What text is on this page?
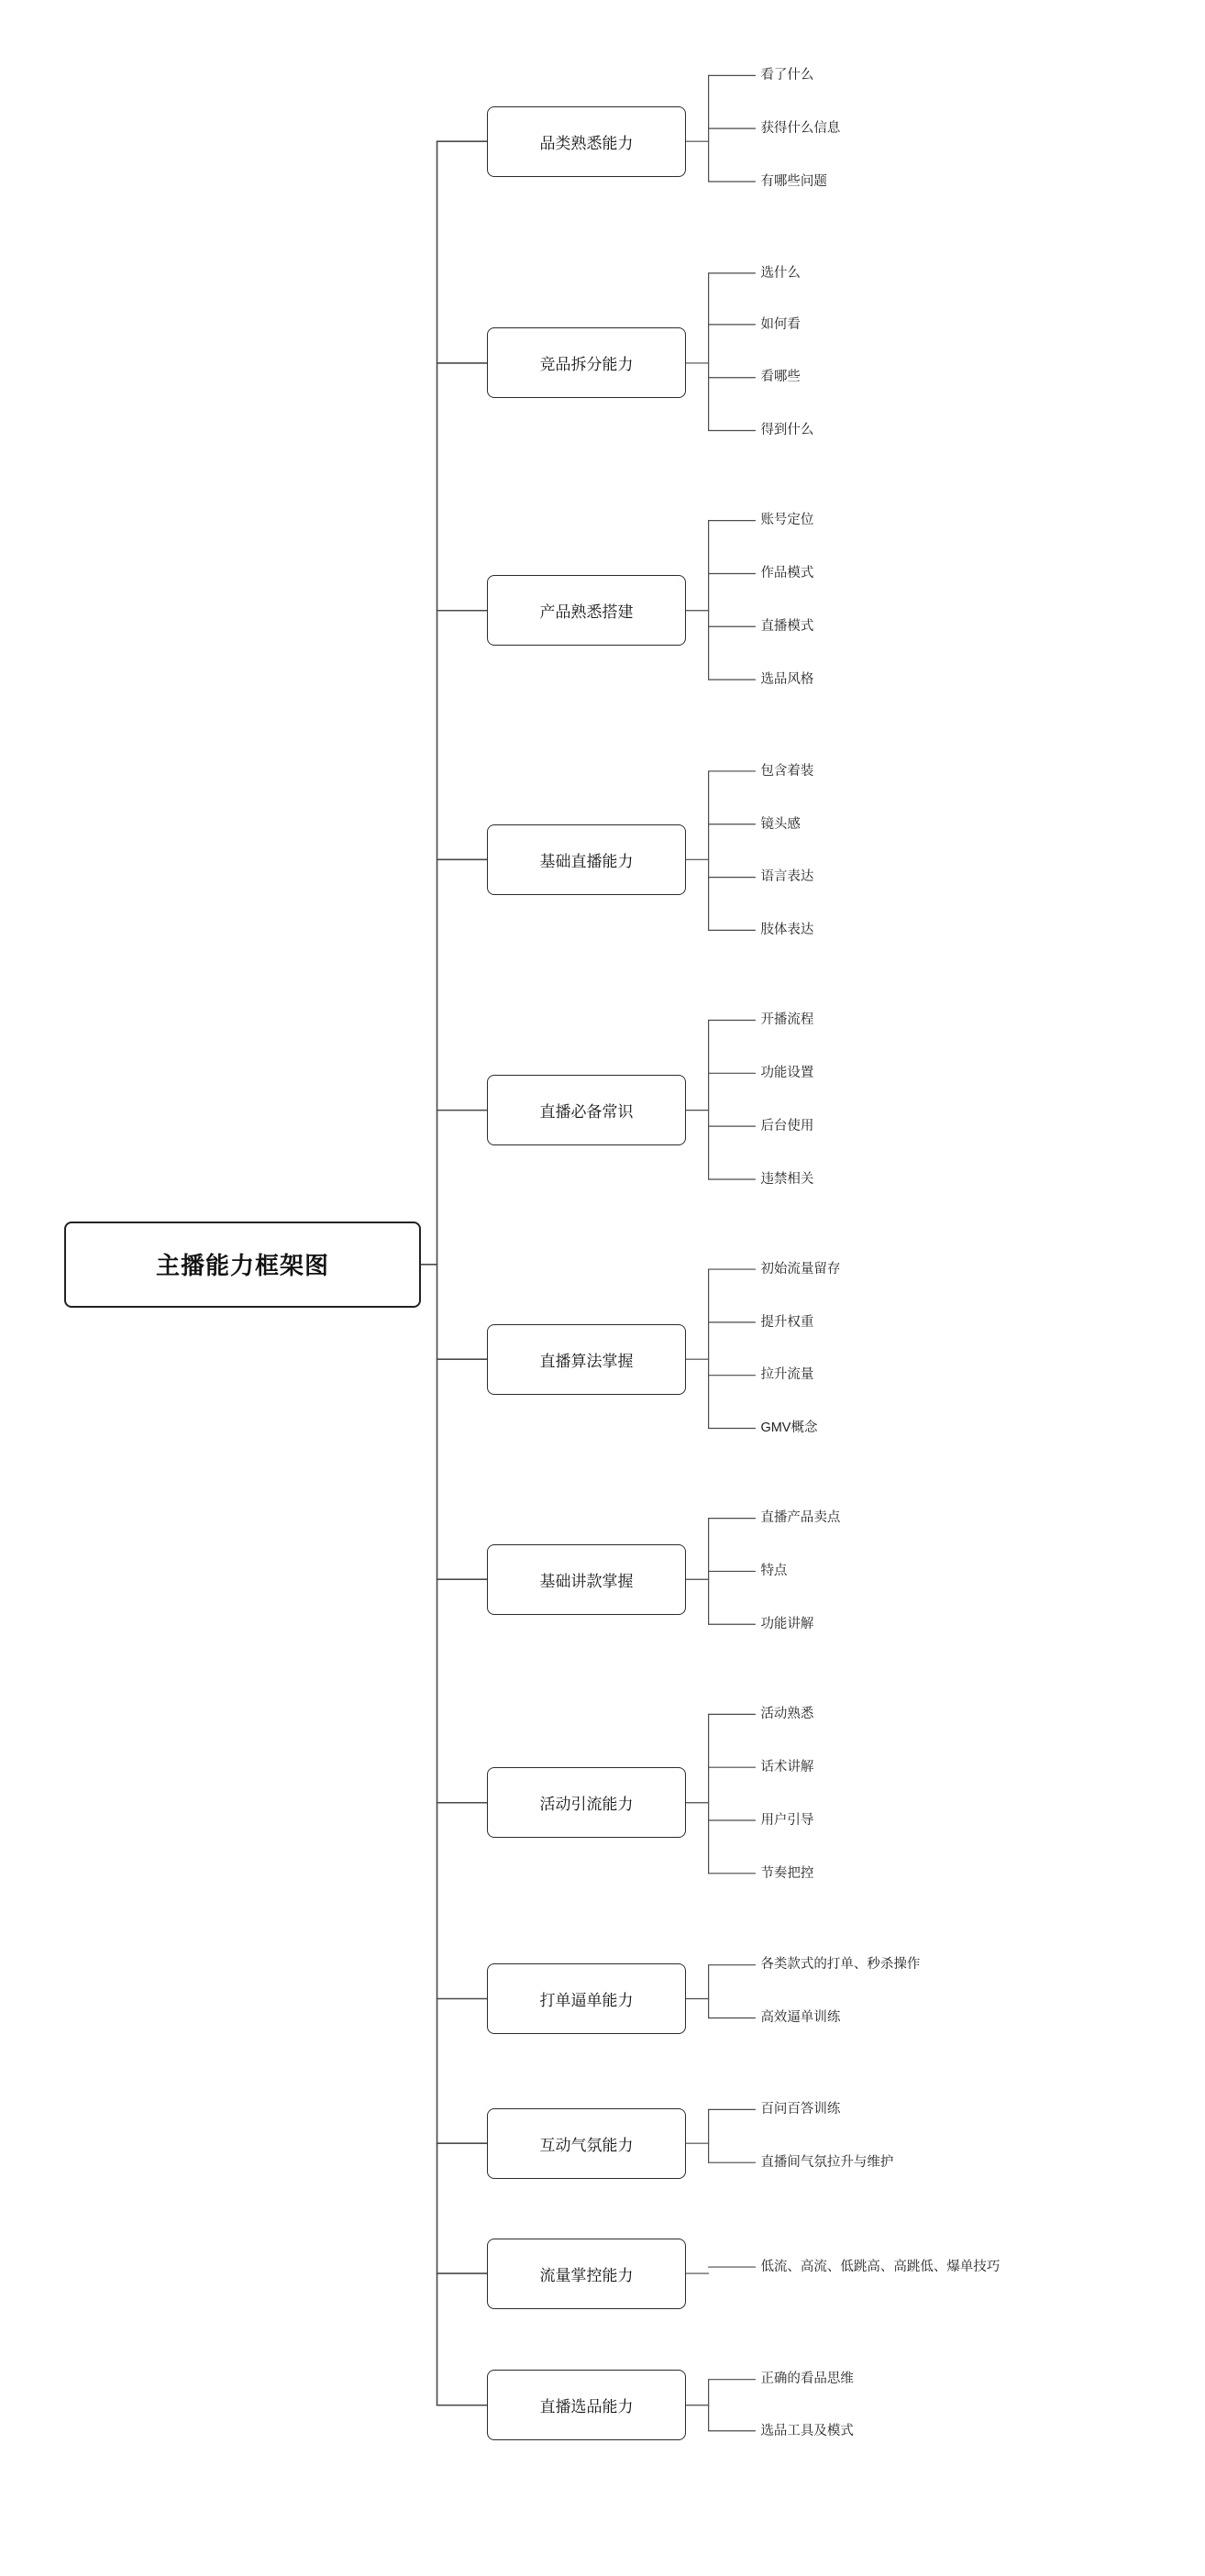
主播能力框架图
品类熟悉能力
看了什么
获得什么信息
有哪些问题
竞品拆分能力
选什么
如何看
看哪些
得到什么
产品熟悉搭建
账号定位
作品模式
直播模式
选品风格
基础直播能力
包含着装
镜头感
语言表达
肢体表达
直播必备常识
开播流程
功能设置
后台使用
违禁相关
直播算法掌握
初始流量留存
提升权重
拉升流量
GMV概念
基础讲款掌握
直播产品卖点
特点
功能讲解
活动引流能力
活动熟悉
话术讲解
用户引导
节奏把控
打单逼单能力
各类款式的打单、秒杀操作
高效逼单训练
互动气氛能力
百问百答训练
直播间气氛拉升与维护
流量掌控能力	低流、高流、低跳高、高跳低、爆单技巧
直播选品能力
正确的看品思维
选品工具及模式
